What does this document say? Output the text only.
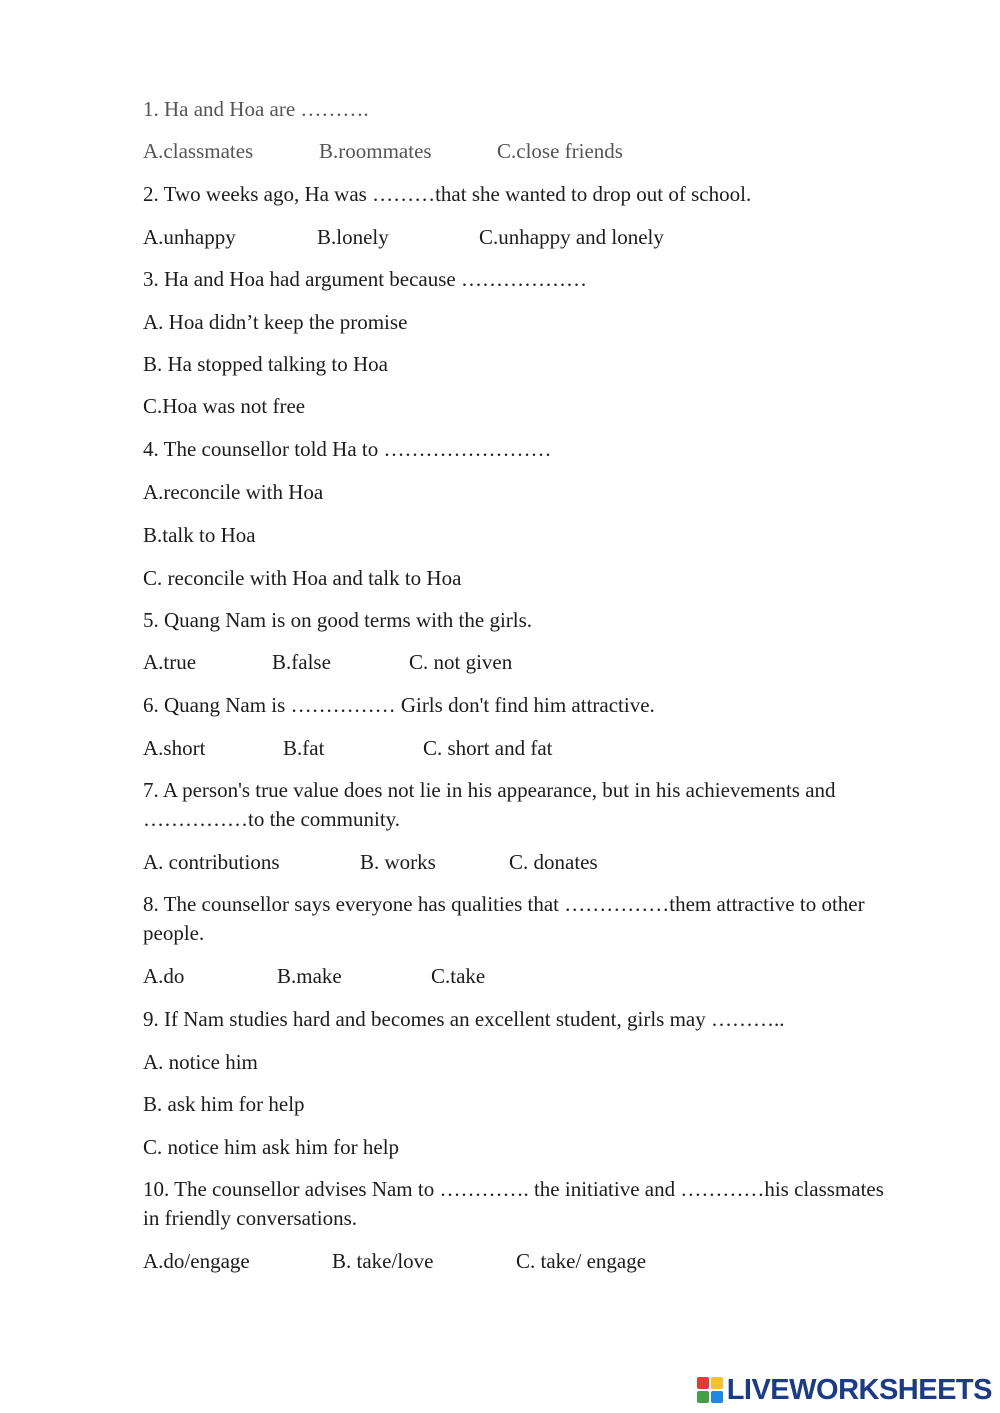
1. Ha and Hoa are ……….
A.classmates	B.roommates	C.close friends
2. Two weeks ago, Ha was ………that she wanted to drop out of school.
A.unhappy	B.lonely	C.unhappy and lonely
3. Ha and Hoa had argument because ………………
A. Hoa didn’t keep the promise
B. Ha stopped talking to Hoa
C.Hoa was not free
4. The counsellor told Ha to ……………………
A.reconcile with Hoa
B.talk to Hoa
C. reconcile with Hoa and talk to Hoa
5. Quang Nam is on good terms with the girls.
A.true	B.false	C. not given
6. Quang Nam is …………… Girls don't find him attractive.
A.short	B.fat	C. short and fat
7. A person's true value does not lie in his appearance, but in his achievements and ……………to the community.
A. contributions	B. works	C. donates
8. The counsellor says everyone has qualities that ……………them attractive to other people.
A.do	B.make	C.take
9. If Nam studies hard and becomes an excellent student, girls may ………..
A. notice him
B. ask him for help
C. notice him ask him for help
10. The counsellor advises Nam to …………. the initiative and …………his classmates in friendly conversations.
A.do/engage	B. take/love	C. take/ engage
LIVEWORKSHEETS
